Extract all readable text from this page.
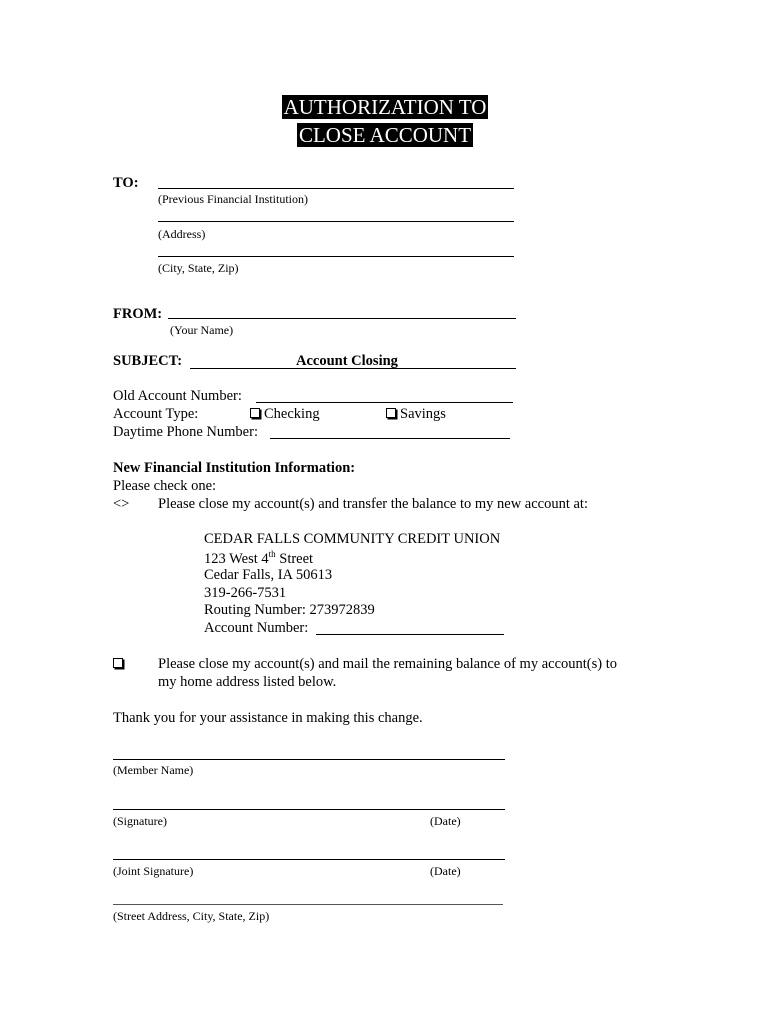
AUTHORIZATION TO
CLOSE ACCOUNT
TO:
(Previous Financial Institution)
(Address)
(City, State, Zip)
FROM:
(Your Name)
SUBJECT:	Account Closing
Old Account Number:
Account Type:	Checking	Savings
Daytime Phone Number:
New Financial Institution Information:
Please check one:
<> Please close my account(s) and transfer the balance to my new account at:
CEDAR FALLS COMMUNITY CREDIT UNION
123 West 4th Street
Cedar Falls, IA 50613
319-266-7531
Routing Number: 273972839
Account Number:
Please close my account(s) and mail the remaining balance of my account(s) to
my home address listed below.
Thank you for your assistance in making this change.
(Member Name)
(Signature)	(Date)
(Joint Signature)	(Date)
(Street Address, City, State, Zip)
